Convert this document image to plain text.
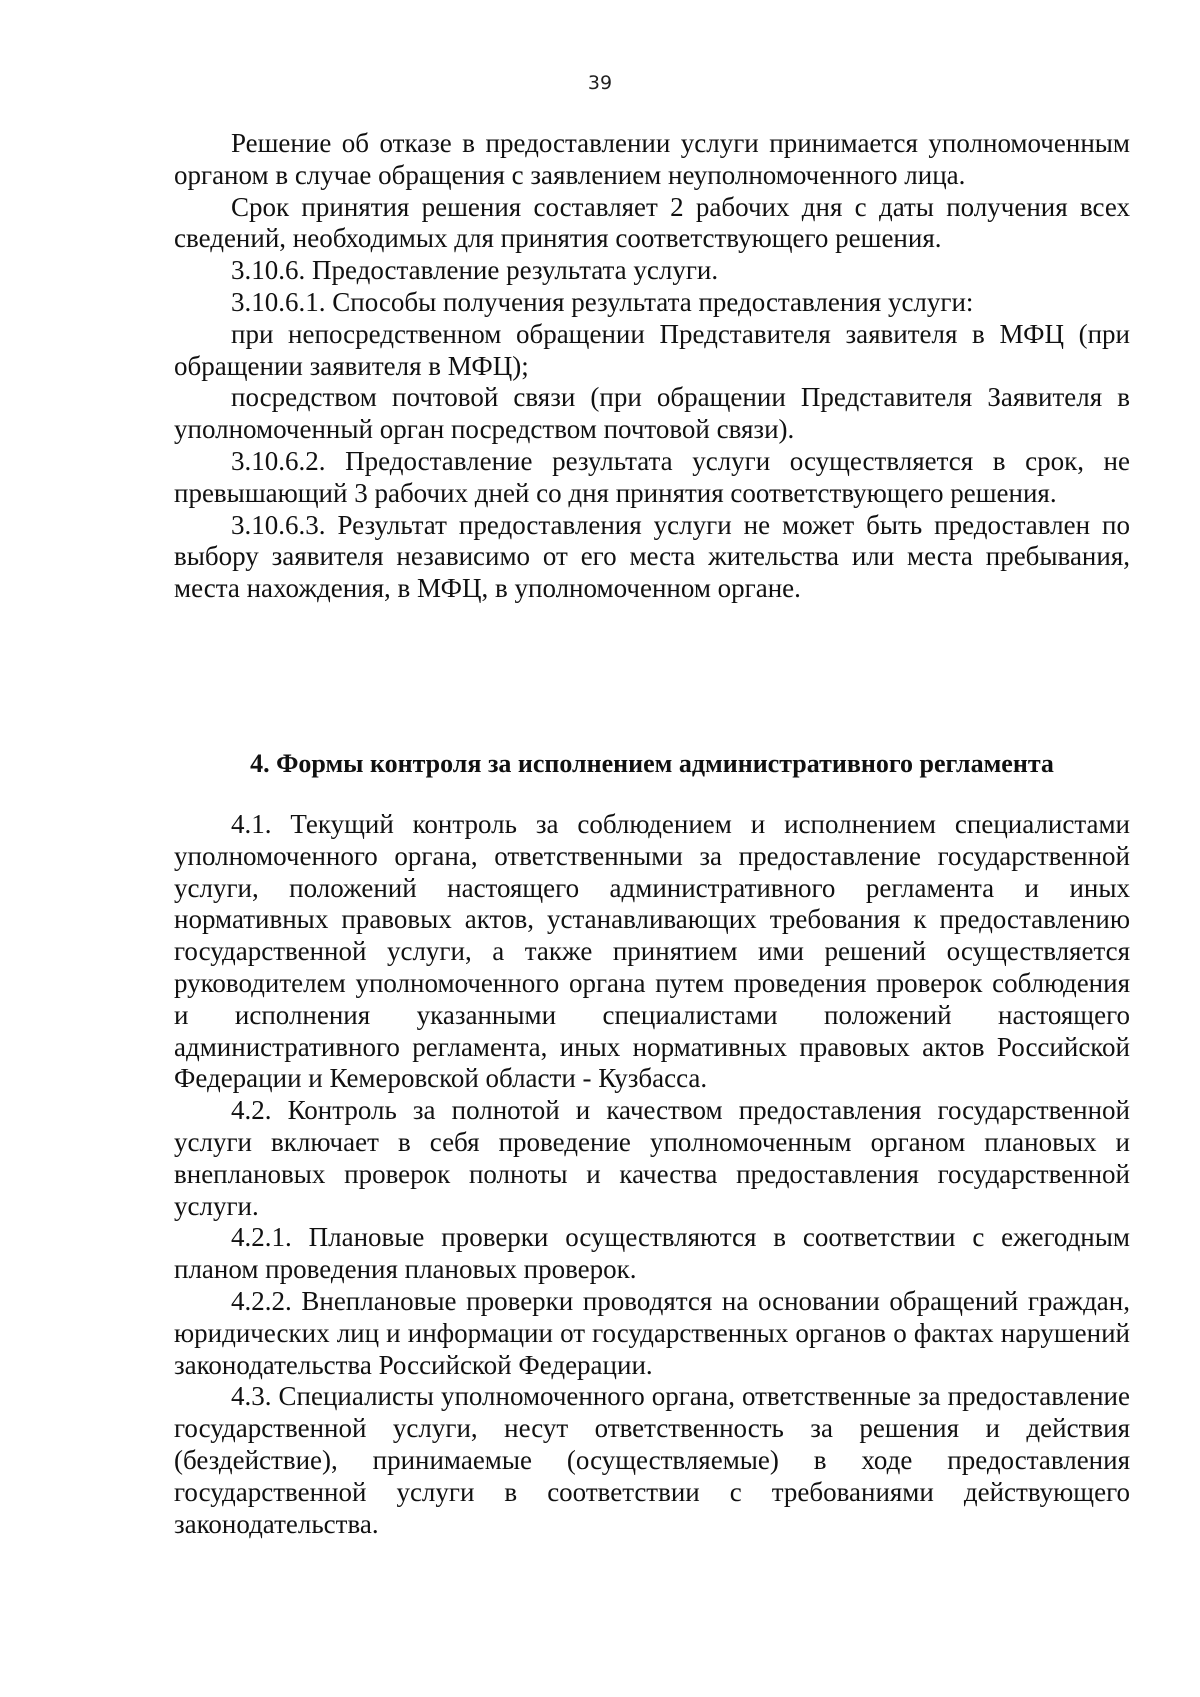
39

Решение об отказе в предоставлении услуги принимается уполномоченным органом в случае обращения с заявлением неуполномоченного лица.

Срок принятия решения составляет 2 рабочих дня с даты получения всех сведений, необходимых для принятия соответствующего решения.

3.10.6. Предоставление результата услуги.

3.10.6.1. Способы получения результата предоставления услуги:

при непосредственном обращении Представителя заявителя в МФЦ (при обращении заявителя в МФЦ);

посредством почтовой связи (при обращении Представителя Заявителя в уполномоченный орган посредством почтовой связи).

3.10.6.2. Предоставление результата услуги осуществляется в срок, не превышающий 3 рабочих дней со дня принятия соответствующего решения.

3.10.6.3. Результат предоставления услуги не может быть предоставлен по выбору заявителя независимо от его места жительства или места пребывания, места нахождения, в МФЦ, в уполномоченном органе.

4. Формы контроля за исполнением административного регламента

4.1. Текущий контроль за соблюдением и исполнением специалистами уполномоченного органа, ответственными за предоставление государственной услуги, положений настоящего административного регламента и иных нормативных правовых актов, устанавливающих требования к предоставлению государственной услуги, а также принятием ими решений осуществляется руководителем уполномоченного органа путем проведения проверок соблюдения и исполнения указанными специалистами положений настоящего административного регламента, иных нормативных правовых актов Российской Федерации и Кемеровской области - Кузбасса.

4.2. Контроль за полнотой и качеством предоставления государственной услуги включает в себя проведение уполномоченным органом плановых и внеплановых проверок полноты и качества предоставления государственной услуги.

4.2.1. Плановые проверки осуществляются в соответствии с ежегодным планом проведения плановых проверок.

4.2.2. Внеплановые проверки проводятся на основании обращений граждан, юридических лиц и информации от государственных органов о фактах нарушений законодательства Российской Федерации.

4.3. Специалисты уполномоченного органа, ответственные за предоставление государственной услуги, несут ответственность за решения и действия (бездействие), принимаемые (осуществляемые) в ходе предоставления государственной услуги в соответствии с требованиями действующего законодательства.
